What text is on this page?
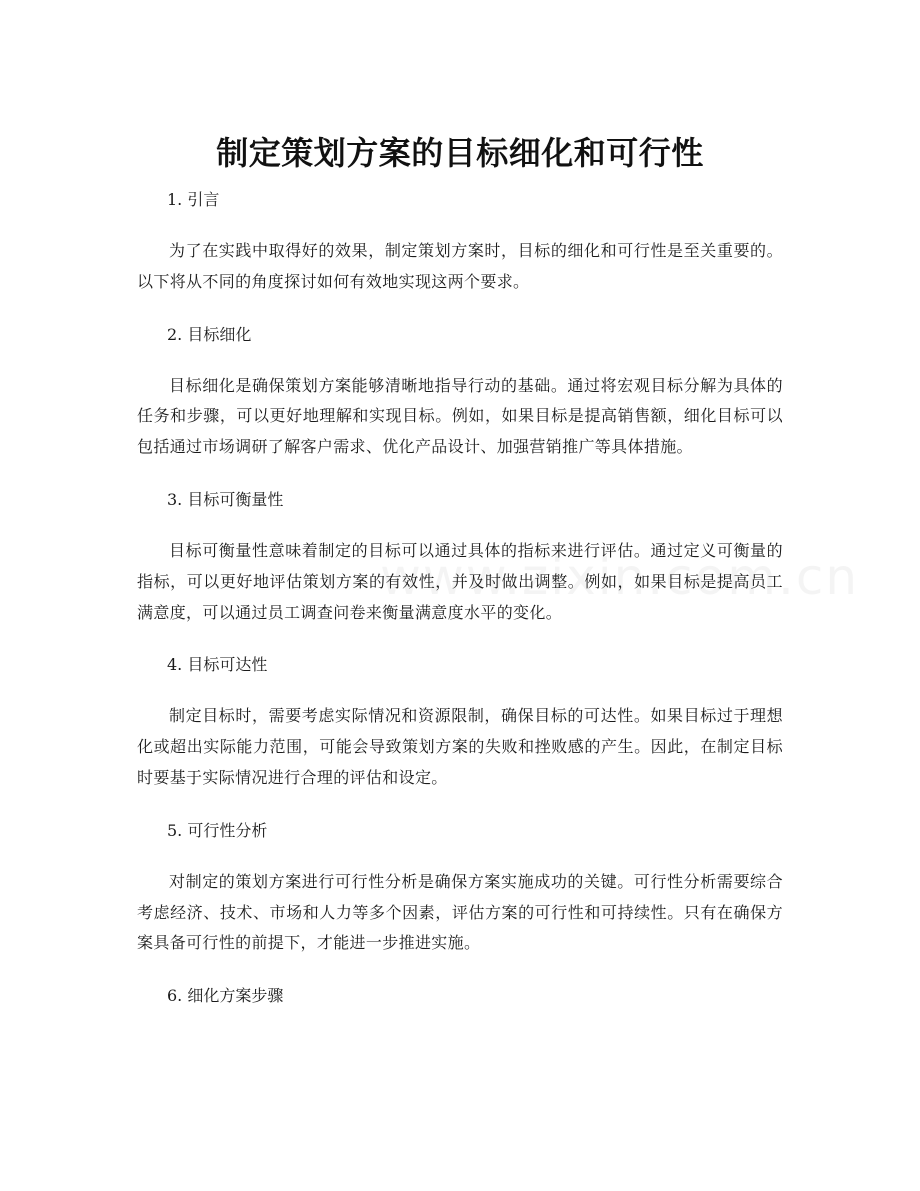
制定策划方案的目标细化和可行性

1. 引言

为了在实践中取得好的效果，制定策划方案时，目标的细化和可行性是至关重要的。以下将从不同的角度探讨如何有效地实现这两个要求。

2. 目标细化

目标细化是确保策划方案能够清晰地指导行动的基础。通过将宏观目标分解为具体的任务和步骤，可以更好地理解和实现目标。例如，如果目标是提高销售额，细化目标可以包括通过市场调研了解客户需求、优化产品设计、加强营销推广等具体措施。

3. 目标可衡量性

目标可衡量性意味着制定的目标可以通过具体的指标来进行评估。通过定义可衡量的指标，可以更好地评估策划方案的有效性，并及时做出调整。例如，如果目标是提高员工满意度，可以通过员工调查问卷来衡量满意度水平的变化。

4. 目标可达性

制定目标时，需要考虑实际情况和资源限制，确保目标的可达性。如果目标过于理想化或超出实际能力范围，可能会导致策划方案的失败和挫败感的产生。因此，在制定目标时要基于实际情况进行合理的评估和设定。

5. 可行性分析

对制定的策划方案进行可行性分析是确保方案实施成功的关键。可行性分析需要综合考虑经济、技术、市场和人力等多个因素，评估方案的可行性和可持续性。只有在确保方案具备可行性的前提下，才能进一步推进实施。

6. 细化方案步骤
